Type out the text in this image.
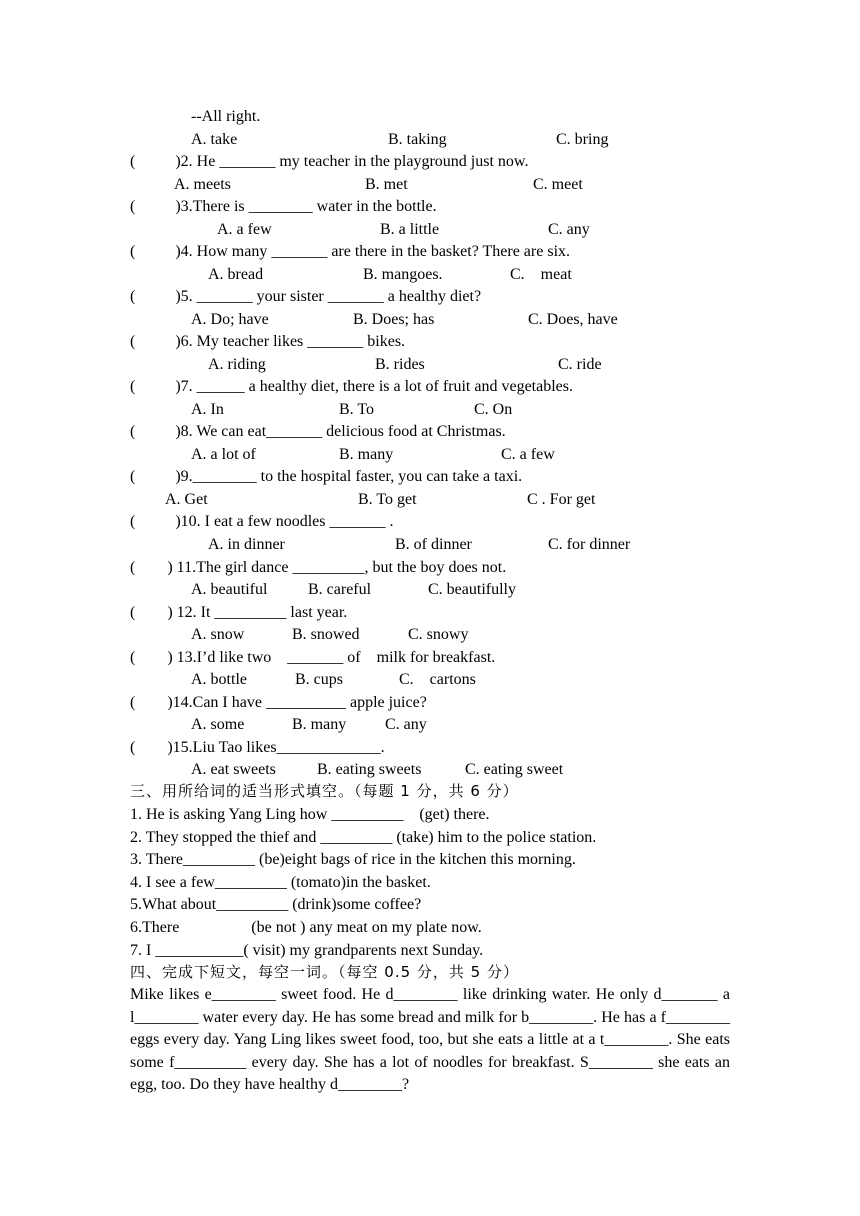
--All right.
A. take	B. taking	C. bring
(          )2. He _______ my teacher in the playground just now.
A. meets	B. met	C. meet
(          )3.There is ________ water in the bottle.
A. a few	B. a little	C. any
(          )4. How many _______ are there in the basket? There are six.
A. bread	B. mangoes.	C.    meat
(          )5. _______ your sister _______ a healthy diet?
A. Do; have	B. Does; has	C. Does, have
(          )6. My teacher likes _______ bikes.
A. riding	B. rides	C. ride
(          )7. ______ a healthy diet, there is a lot of fruit and vegetables.
A. In	B. To	C. On
(          )8. We can eat_______ delicious food at Christmas.
A. a lot of	B. many	C. a few
(          )9.________ to the hospital faster, you can take a taxi.
A. Get	B. To get	C . For get
(          )10. I eat a few noodles _______ .
A. in dinner	B. of dinner	C. for dinner
(        ) 11.The girl dance _________, but the boy does not.
A. beautiful	B. careful	C. beautifully
(        ) 12. It _________ last year.
A. snow	B. snowed	C. snowy
(        ) 13.I’d like two    _______ of    milk for breakfast.
A. bottle	B. cups	C.    cartons
(        )14.Can I have __________ apple juice?
A. some	B. many C. any
(        )15.Liu Tao likes_____________.
A. eat sweets	B. eating sweets	C. eating sweet
三、用所给词的适当形式填空。（每题 1 分，共 6 分）
1. He is asking Yang Ling how _________    (get) there.
2. They stopped the thief and _________ (take) him to the police station.
3. There_________ (be)eight bags of rice in the kitchen this morning.
4. I see a few_________ (tomato)in the basket.
5.What about_________ (drink)some coffee?
6.There                  (be not ) any meat on my plate now.
7. I ___________( visit) my grandparents next Sunday.
四、完成下短文，每空一词。（每空 0.5 分，共 5 分）
Mike likes e________ sweet food. He d________ like drinking water. He only d_______ a l________ water every day. He has some bread and milk for b________. He has a f________ eggs every day. Yang Ling likes sweet food, too, but she eats a little at a t________. She eats some f_________ every day. She has a lot of noodles for breakfast. S________ she eats an egg, too. Do they have healthy d________?
